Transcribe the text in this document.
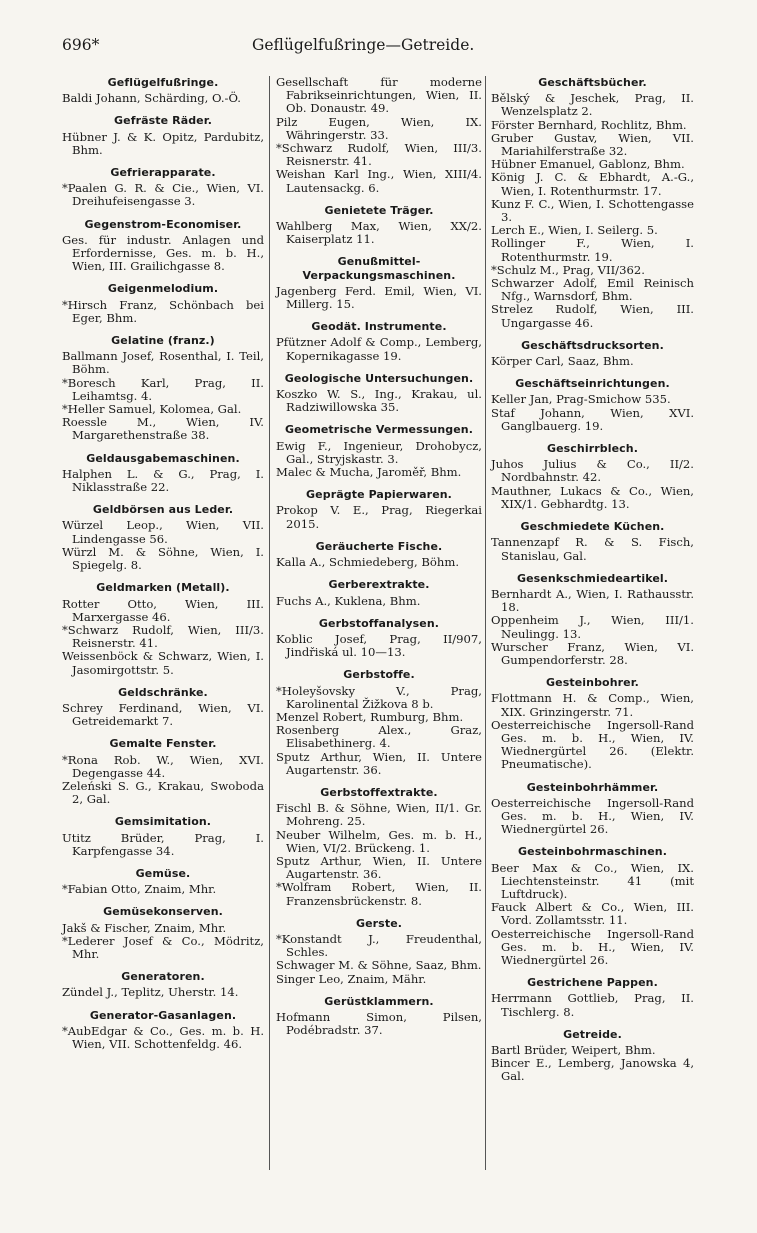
696*	Geflügelfußringe—Getreide.
Geflügelfußringe.
Baldi Johann, Schärding, O.-Ö.
Gefräste Räder.
Hübner J. & K. Opitz, Pardubitz, Bhm.
Gefrierapparate.
*Paalen G. R. & Cie., Wien, VI. Dreihufeisengasse 3.
Gegenstrom-Economiser.
Ges. für industr. Anlagen und Erfordernisse, Ges. m. b. H., Wien, III. Grailichgasse 8.
Geigenmelodium.
*Hirsch Franz, Schönbach bei Eger, Bhm.
Gelatine (franz.)
Ballmann Josef, Rosenthal, I. Teil, Böhm.
*Boresch Karl, Prag, II. Leihamtsg. 4.
*Heller Samuel, Kolomea, Gal.
Roessle M., Wien, IV. Margarethenstraße 38.
Geldausgabemaschinen.
Halphen L. & G., Prag, I. Niklasstraße 22.
Geldbörsen aus Leder.
Würzel Leop., Wien, VII. Lindengasse 56.
Würzl M. & Söhne, Wien, I. Spiegelg. 8.
Geldmarken (Metall).
Rotter Otto, Wien, III. Marxergasse 46.
*Schwarz Rudolf, Wien, III/3. Reisnerstr. 41.
Weissenböck & Schwarz, Wien, I. Jasomirgottstr. 5.
Geldschränke.
Schrey Ferdinand, Wien, VI. Getreidemarkt 7.
Gemalte Fenster.
*Rona Rob. W., Wien, XVI. Degengasse 44.
Zeleński S. G., Krakau, Swoboda 2, Gal.
Gemsimitation.
Utitz Brüder, Prag, I. Karpfengasse 34.
Gemüse.
*Fabian Otto, Znaim, Mhr.
Gemüsekonserven.
Jakš & Fischer, Znaim, Mhr.
*Lederer Josef & Co., Mödritz, Mhr.
Generatoren.
Zündel J., Teplitz, Uherstr. 14.
Generator-Gasanlagen.
*AubEdgar & Co., Ges. m. b. H. Wien, VII. Schottenfeldg. 46.
Gesellschaft für moderne Fabrikseinrichtungen, Wien, II. Ob. Donaustr. 49.
Pilz Eugen, Wien, IX. Währingerstr. 33.
*Schwarz Rudolf, Wien, III/3. Reisnerstr. 41.
Weishan Karl Ing., Wien, XIII/4. Lautensackg. 6.
Genietete Träger.
Wahlberg Max, Wien, XX/2. Kaiserplatz 11.
Genußmittel-Verpackungsmaschinen.
Jagenberg Ferd. Emil, Wien, VI. Millerg. 15.
Geodät. Instrumente.
Pfützner Adolf & Comp., Lemberg, Kopernikagasse 19.
Geologische Untersuchungen.
Koszko W. S., Ing., Krakau, ul. Radziwillowska 35.
Geometrische Vermessungen.
Ewig F., Ingenieur, Drohobycz, Gal., Stryjskastr. 3.
Malec & Mucha, Jaroměř, Bhm.
Geprägte Papierwaren.
Prokop V. E., Prag, Riegerkai 2015.
Geräucherte Fische.
Kalla A., Schmiedeberg, Böhm.
Gerberextrakte.
Fuchs A., Kuklena, Bhm.
Gerbstoffanalysen.
Koblic Josef, Prag, II/907, Jindřiská ul. 10—13.
Gerbstoffe.
*Holeyšovsky V., Prag, Karolinental Žižkova 8 b.
Menzel Robert, Rumburg, Bhm.
Rosenberg Alex., Graz, Elisabethinerg. 4.
Sputz Arthur, Wien, II. Untere Augartenstr. 36.
Gerbstoffextrakte.
Fischl B. & Söhne, Wien, II/1. Gr. Mohreng. 25.
Neuber Wilhelm, Ges. m. b. H., Wien, VI/2. Brückeng. 1.
Sputz Arthur, Wien, II. Untere Augartenstr. 36.
*Wolfram Robert, Wien, II. Franzensbrückenstr. 8.
Gerste.
*Konstandt J., Freudenthal, Schles.
Schwager M. & Söhne, Saaz, Bhm.
Singer Leo, Znaim, Mähr.
Gerüstklammern.
Hofmann Simon, Pilsen, Podébradstr. 37.
Geschäftsbücher.
Bělský & Jeschek, Prag, II. Wenzelsplatz 2.
Förster Bernhard, Rochlitz, Bhm.
Gruber Gustav, Wien, VII. Mariahilferstraße 32.
Hübner Emanuel, Gablonz, Bhm.
König J. C. & Ebhardt, A.-G., Wien, I. Rotenthurmstr. 17.
Kunz F. C., Wien, I. Schottengasse 3.
Lerch E., Wien, I. Seilerg. 5.
Rollinger F., Wien, I. Rotenthurmstr. 19.
*Schulz M., Prag, VII/362.
Schwarzer Adolf, Emil Reinisch Nfg., Warnsdorf, Bhm.
Strelez Rudolf, Wien, III. Ungargasse 46.
Geschäftsdrucksorten.
Körper Carl, Saaz, Bhm.
Geschäftseinrichtungen.
Keller Jan, Prag-Smichow 535.
Staf Johann, Wien, XVI. Ganglbauerg. 19.
Geschirrblech.
Juhos Julius & Co., II/2. Nordbahnstr. 42.
Mauthner, Lukacs & Co., Wien, XIX/1. Gebhardtg. 13.
Geschmiedete Küchen.
Tannenzapf R. & S. Fisch, Stanislau, Gal.
Gesenkschmiedeartikel.
Bernhardt A., Wien, I. Rathausstr. 18.
Oppenheim J., Wien, III/1. Neulingg. 13.
Wurscher Franz, Wien, VI. Gumpendorferstr. 28.
Gesteinbohrer.
Flottmann H. & Comp., Wien, XIX. Grinzingerstr. 71.
Oesterreichische Ingersoll-Rand Ges. m. b. H., Wien, IV. Wiednergürtel 26. (Elektr. Pneumatische).
Gesteinbohrhämmer.
Oesterreichische Ingersoll-Rand Ges. m. b. H., Wien, IV. Wiednergürtel 26.
Gesteinbohrmaschinen.
Beer Max & Co., Wien, IX. Liechtensteinstr. 41 (mit Luftdruck).
Fauck Albert & Co., Wien, III. Vord. Zollamtsstr. 11.
Oesterreichische Ingersoll-Rand Ges. m. b. H., Wien, IV. Wiednergürtel 26.
Gestrichene Pappen.
Herrmann Gottlieb, Prag, II. Tischlerg. 8.
Getreide.
Bartl Brüder, Weipert, Bhm.
Bincer E., Lemberg, Janowska 4, Gal.
